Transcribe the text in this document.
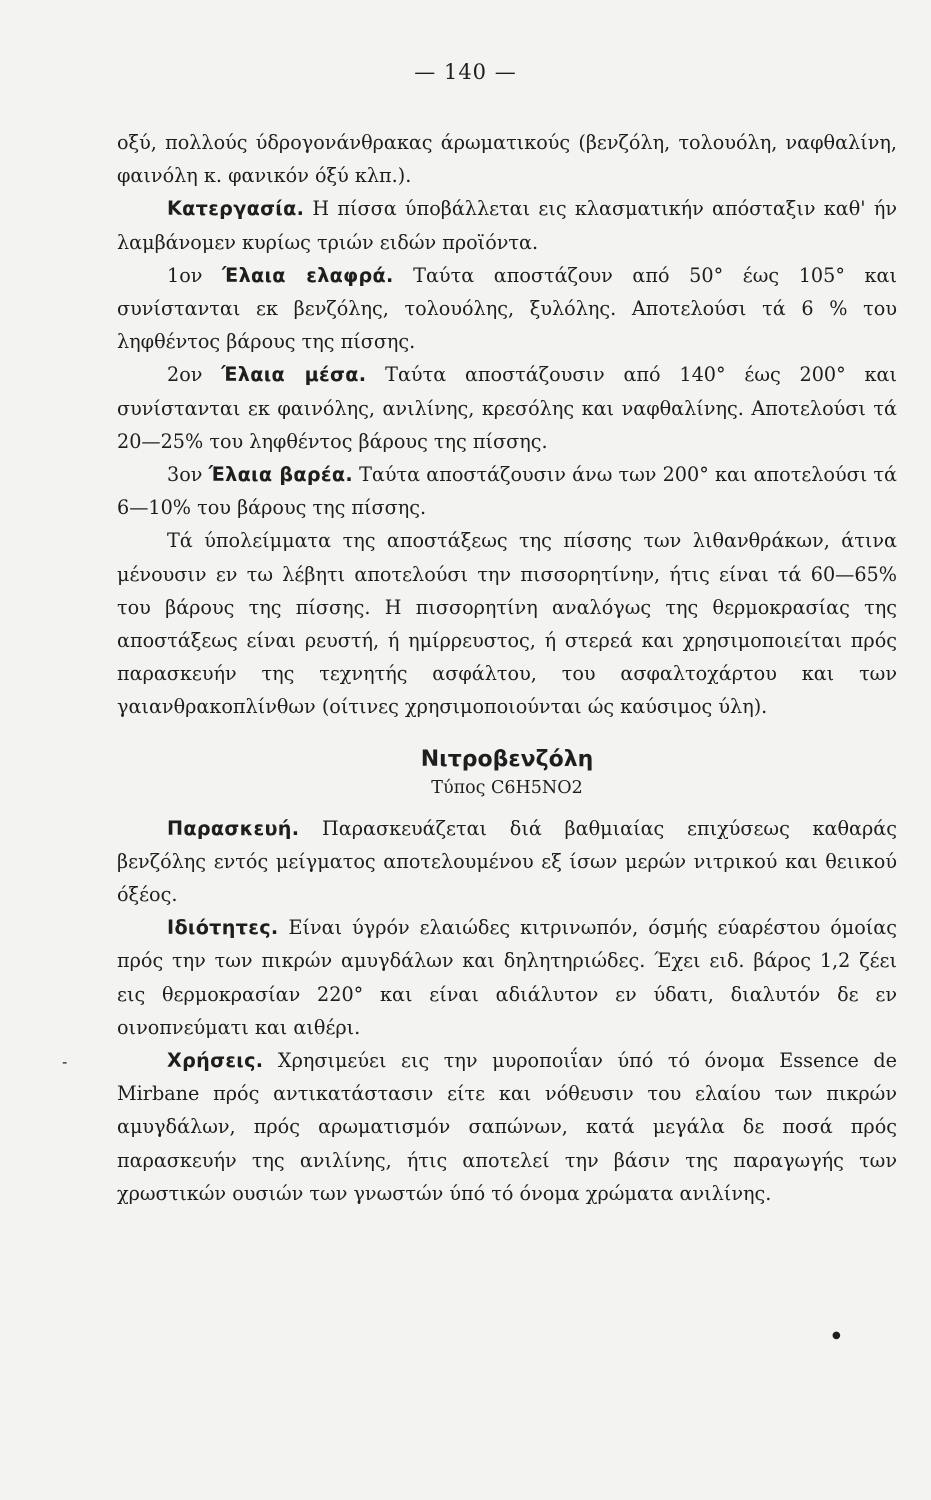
— 140 —

οξύ, πολλούς ύδρογονάνθρακας άρωματικούς (βενζόλη, τολουόλη, ναφθαλίνη, φαινόλη κ. φανικόν όξύ κλπ.).

Κατεργασία. Η πίσσα ύποβάλλεται εις κλασματικήν απόσταξιν καθ' ήν λαμβάνομεν κυρίως τριών ειδών προϊόντα.

1ον Έλαια ελαφρά. Ταύτα αποστάζουν από 50° έως 105° και συνίστανται εκ βενζόλης, τολουόλης, ξυλόλης. Αποτελούσι τά 6 % του ληφθέντος βάρους της πίσσης.

2ον Έλαια μέσα. Ταύτα αποστάζουσιν από 140° έως 200° και συνίστανται εκ φαινόλης, ανιλίνης, κρεσόλης και ναφθαλίνης. Αποτελούσι τά 20—25% του ληφθέντος βάρους της πίσσης.

3ον Έλαια βαρέα. Ταύτα αποστάζουσιν άνω των 200° και αποτελούσι τά 6—10% του βάρους της πίσσης.

Τά ύπολείμματα της αποστάξεως της πίσσης των λιθανθράκων, άτινα μένουσιν εν τω λέβητι αποτελούσι την πισσορητίνην, ήτις είναι τά 60—65% του βάρους της πίσσης. Η πισσορητίνη αναλόγως της θερμοκρασίας της αποστάξεως είναι ρευστή, ή ημίρρευστος, ή στερεά και χρησιμοποιείται πρός παρασκευήν της τεχνητής ασφάλτου, του ασφαλτοχάρτου και των γαιανθρακοπλίνθων (οίτινες χρησιμοποιούνται ώς καύσιμος ύλη).

Νιτροβενζόλη
Τύπος C6H5NO2

Παρασκευή. Παρασκευάζεται διά βαθμιαίας επιχύσεως καθαράς βενζόλης εντός μείγματος αποτελουμένου εξ ίσων μερών νιτρικού και θειικού όξέος.

Ιδιότητες. Είναι ύγρόν ελαιώδες κιτρινωπόν, όσμής εύαρέστου όμοίας πρός την των πικρών αμυγδάλων και δηλητηριώδες. Έχει ειδ. βάρος 1,2 ζέει εις θερμοκρασίαν 220° και είναι αδιάλυτον εν ύδατι, διαλυτόν δε εν οινοπνεύματι και αιθέρι.

Χρήσεις. Χρησιμεύει εις την μυροποιΐαν ύπό τό όνομα Essence de Mirbane πρός αντικατάστασιν είτε και νόθευσιν του ελαίου των πικρών αμυγδάλων, πρός αρωματισμόν σαπώνων, κατά μεγάλα δε ποσά πρός παρασκευήν της ανιλίνης, ήτις αποτελεί την βάσιν της παραγωγής των χρωστικών ουσιών των γνωστών ύπό τό όνομα χρώματα ανιλίνης.

-
●
